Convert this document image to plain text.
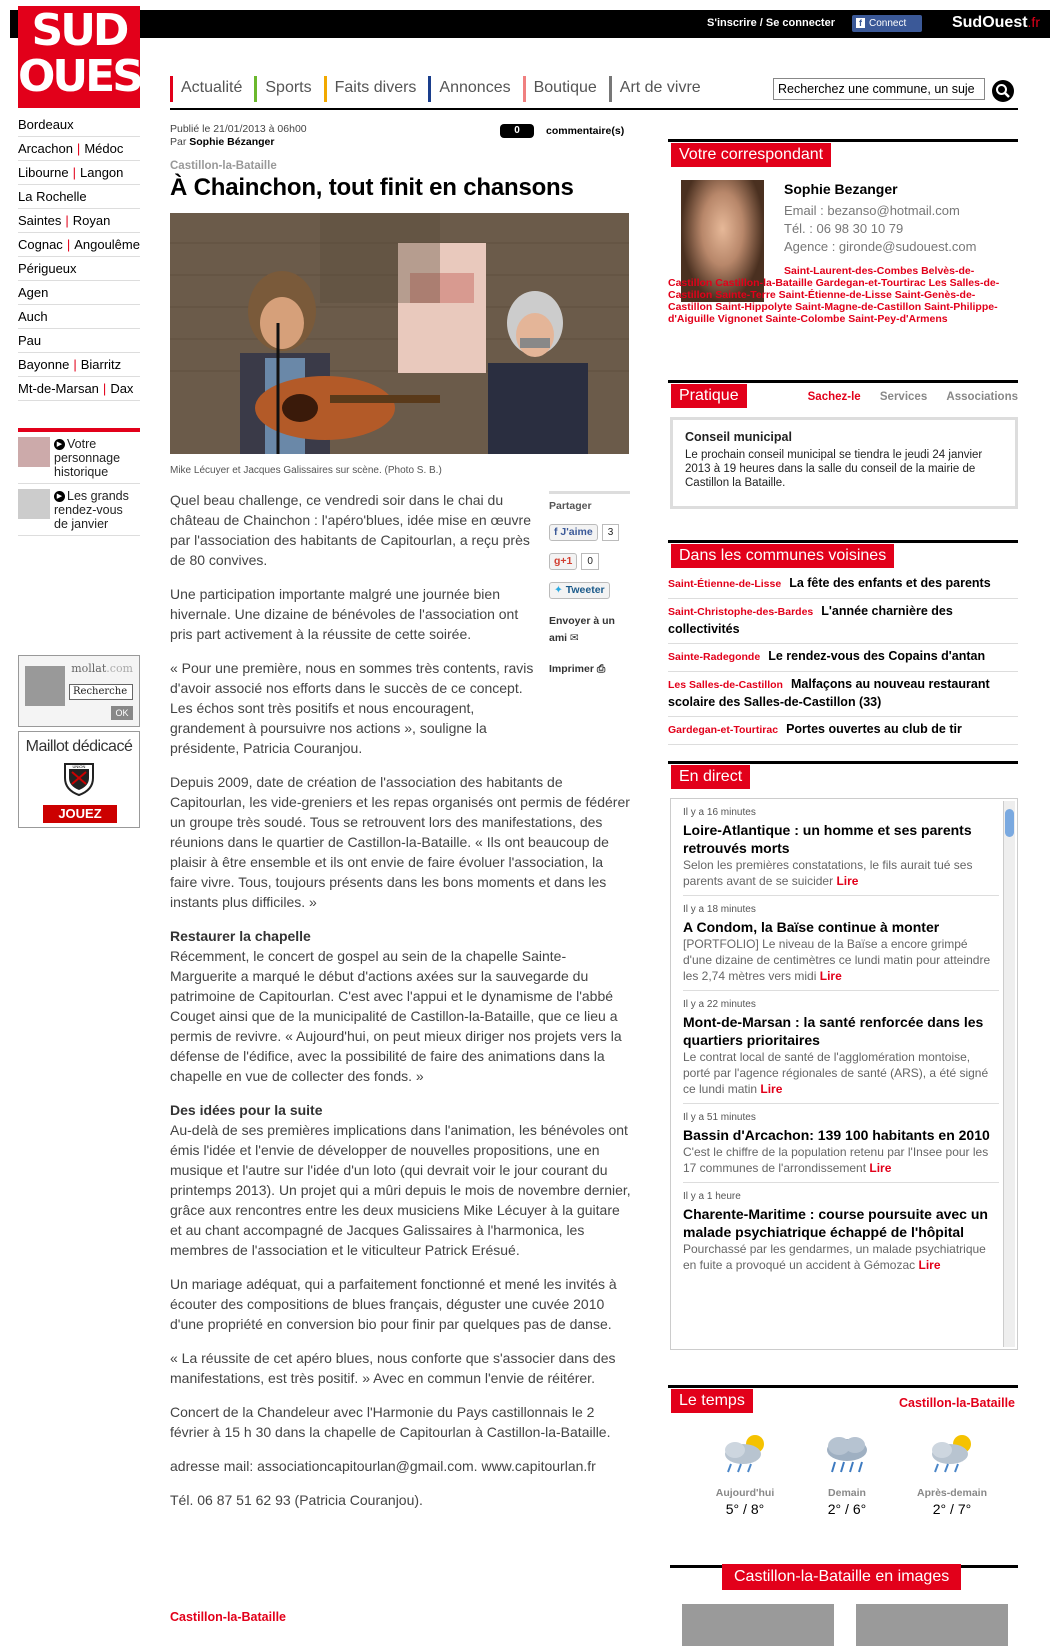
S'inscrire / Se connecter	f Connect	SudOuest.fr
SUD
OUEST Actualité	Sports	Faits divers	Annonces	Boutique	Art de vivre
Recherchez une commune, un suje
Bordeaux
Arcachon | Médoc
Libourne | Langon
La Rochelle
Saintes | Royan
Cognac | Angoulême
Périgueux
Agen
Auch
Pau
Bayonne | Biarritz
Mt-de-Marsan | Dax
▶ Votre personnage historique
▶ Les grands rendez-vous de janvier
mollat.com
Recherche
OK
Maillot dédicacé
UNION
JOUEZ
Publié le 21/01/2013 à 06h00
Par Sophie Bézanger
0	commentaire(s)
Castillon-la-Bataille
À Chainchon, tout finit en chansons
Mike Lécuyer et Jacques Galissaires sur scène. (Photo S. B.)
Partager
f J'aime	3
g+1	0
✦ Tweeter
Envoyer à un ami ✉
Imprimer ⎙

Quel beau challenge, ce vendredi soir dans le chai du château de Chainchon : l'apéro'blues, idée mise en œuvre par l'association des habitants de Capitourlan, a reçu près de 80 convives.

Une participation importante malgré une journée bien hivernale. Une dizaine de bénévoles de l'association ont pris part activement à la réussite de cette soirée.

« Pour une première, nous en sommes très contents, ravis d'avoir associé nos efforts dans le succès de ce concept. Les échos sont très positifs et nous encouragent, grandement à poursuivre nos actions », souligne la présidente, Patricia Couranjou.

Depuis 2009, date de création de l'association des habitants de Capitourlan, les vide-greniers et les repas organisés ont permis de fédérer un groupe très soudé. Tous se retrouvent lors des manifestations, des réunions dans le quartier de Castillon-la-Bataille. « Ils ont beaucoup de plaisir à être ensemble et ils ont envie de faire évoluer l'association, la faire vivre. Tous, toujours présents dans les bons moments et dans les instants plus difficiles. »

Restaurer la chapelle

Récemment, le concert de gospel au sein de la chapelle Sainte-Marguerite a marqué le début d'actions axées sur la sauvegarde du patrimoine de Capitourlan. C'est avec l'appui et le dynamisme de l'abbé Couget ainsi que de la municipalité de Castillon-la-Bataille, que ce lieu a permis de revivre. « Aujourd'hui, on peut mieux diriger nos projets vers la défense de l'édifice, avec la possibilité de faire des animations dans la chapelle en vue de collecter des fonds. »

Des idées pour la suite

Au-delà de ses premières implications dans l'animation, les bénévoles ont émis l'idée et l'envie de développer de nouvelles propositions, une en musique et l'autre sur l'idée d'un loto (qui devrait voir le jour courant du printemps 2013). Un projet qui a mûri depuis le mois de novembre dernier, grâce aux rencontres entre les deux musiciens Mike Lécuyer à la guitare et au chant accompagné de Jacques Galissaires à l'harmonica, les membres de l'association et le viticulteur Patrick Erésué.

Un mariage adéquat, qui a parfaitement fonctionné et mené les invités à écouter des compositions de blues français, déguster une cuvée 2010 d'une propriété en conversion bio pour finir par quelques pas de danse.

« La réussite de cet apéro blues, nous conforte que s'associer dans des manifestations, est très positif. » Avec en commun l'envie de réitérer.

Concert de la Chandeleur avec l'Harmonie du Pays castillonnais le 2 février à 15 h 30 dans la chapelle de Capitourlan à Castillon-la-Bataille.

adresse mail: associationcapitourlan@gmail.com. www.capitourlan.fr

Tél. 06 87 51 62 93 (Patricia Couranjou).

Castillon-la-Bataille
Votre correspondant
Sophie Bezanger
Email : bezanso@hotmail.com
Tél. : 06 98 30 10 79
Agence : gironde@sudouest.com
Saint-Laurent-des-Combes Belvès-de-Castillon Castillon-la-Bataille Gardegan-et-Tourtirac Les Salles-de-Castillon Sainte-Terre Saint-Étienne-de-Lisse Saint-Genès-de-Castillon Saint-Hippolyte Saint-Magne-de-Castillon Saint-Philippe-d'Aiguille Vignonet Sainte-Colombe Saint-Pey-d'Armens
Pratique	Sachez-le Services Associations
Conseil municipal
Le prochain conseil municipal se tiendra le jeudi 24 janvier 2013 à 19 heures dans la salle du conseil de la mairie de Castillon la Bataille.
Dans les communes voisines
Saint-Étienne-de-Lisse La fête des enfants et des parents
Saint-Christophe-des-Bardes L'année charnière des collectivités
Sainte-Radegonde Le rendez-vous des Copains d'antan
Les Salles-de-Castillon Malfaçons au nouveau restaurant scolaire des Salles-de-Castillon (33)
Gardegan-et-Tourtirac Portes ouvertes au club de tir
En direct
Il y a 16 minutes
Loire-Atlantique : un homme et ses parents retrouvés morts
Selon les premières constatations, le fils aurait tué ses parents avant de se suicider Lire
Il y a 18 minutes
A Condom, la Baïse continue à monter
[PORTFOLIO] Le niveau de la Baïse a encore grimpé d'une dizaine de centimètres ce lundi matin pour atteindre les 2,74 mètres vers midi Lire
Il y a 22 minutes
Mont-de-Marsan : la santé renforcée dans les quartiers prioritaires
Le contrat local de santé de l'agglomération montoise, porté par l'agence régionales de santé (ARS), a été signé ce lundi matin Lire
Il y a 51 minutes
Bassin d'Arcachon: 139 100 habitants en 2010
C'est le chiffre de la population retenu par l'Insee pour les 17 communes de l'arrondissement Lire
Il y a 1 heure
Charente-Maritime : course poursuite avec un malade psychiatrique échappé de l'hôpital
Pourchassé par les gendarmes, un malade psychiatrique en fuite a provoqué un accident à Gémozac Lire
Le temps	Castillon-la-Bataille
Aujourd'hui
5° / 8°
Demain
2° / 6°
Après-demain
2° / 7°
Castillon-la-Bataille en images
